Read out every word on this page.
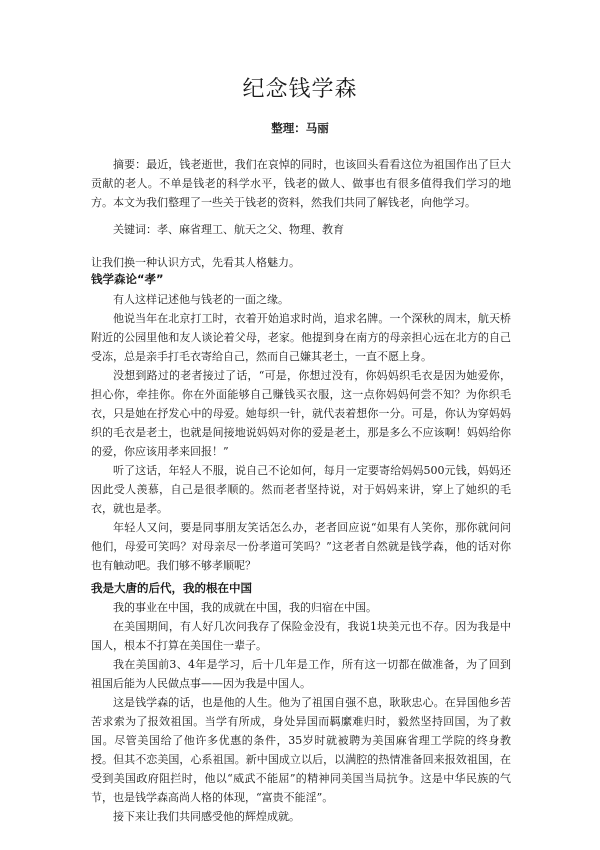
纪念钱学森
整理：马丽

摘要：最近，钱老逝世，我们在哀悼的同时，也该回头看看这位为祖国作出了巨大贡献的老人。不单是钱老的科学水平，钱老的做人、做事也有很多值得我们学习的地方。本文为我们整理了一些关于钱老的资料，然我们共同了解钱老，向他学习。

关键词：孝、麻省理工、航天之父、物理、教育

让我们换一种认识方式，先看其人格魅力。

钱学森论“孝”

有人这样记述他与钱老的一面之缘。

他说当年在北京打工时，衣着开始追求时尚，追求名牌。一个深秋的周末，航天桥附近的公园里他和友人谈论着父母，老家。他提到身在南方的母亲担心远在北方的自己受冻，总是亲手打毛衣寄给自己，然而自己嫌其老土，一直不愿上身。

没想到路过的老者接过了话，“可是，你想过没有，你妈妈织毛衣是因为她爱你，担心你，牵挂你。你在外面能够自己赚钱买衣服，这一点你妈妈何尝不知？为你织毛衣，只是她在抒发心中的母爱。她每织一针，就代表着想你一分。可是，你认为穿妈妈织的毛衣是老土，也就是间接地说妈妈对你的爱是老土，那是多么不应该啊！妈妈给你的爱，你应该用孝来回报！”

听了这话，年轻人不服，说自己不论如何，每月一定要寄给妈妈500元钱，妈妈还因此受人羡慕，自己是很孝顺的。然而老者坚持说，对于妈妈来讲，穿上了她织的毛衣，就也是孝。

年轻人又问，要是同事朋友笑话怎么办，老者回应说“如果有人笑你，那你就问问他们，母爱可笑吗？对母亲尽一份孝道可笑吗？”这老者自然就是钱学森，他的话对你也有触动吧。我们够不够孝顺呢？

我是大唐的后代，我的根在中国

我的事业在中国，我的成就在中国，我的归宿在中国。

在美国期间，有人好几次问我存了保险金没有，我说1块美元也不存。因为我是中国人，根本不打算在美国住一辈子。

我在美国前3、4年是学习，后十几年是工作，所有这一切都在做准备，为了回到祖国后能为人民做点事——因为我是中国人。

这是钱学森的话，也是他的人生。他为了祖国自强不息，耿耿忠心。在异国他乡苦苦求索为了报效祖国。当学有所成，身处异国而羁縻难归时，毅然坚持回国，为了救国。尽管美国给了他许多优惠的条件，35岁时就被聘为美国麻省理工学院的终身教授。但其不恋美国，心系祖国。新中国成立以后，以满腔的热情准备回来报效祖国，在受到美国政府阻拦时，他以“威武不能屈”的精神同美国当局抗争。这是中华民族的气节，也是钱学森高尚人格的体现，“富贵不能淫”。

接下来让我们共同感受他的辉煌成就。
